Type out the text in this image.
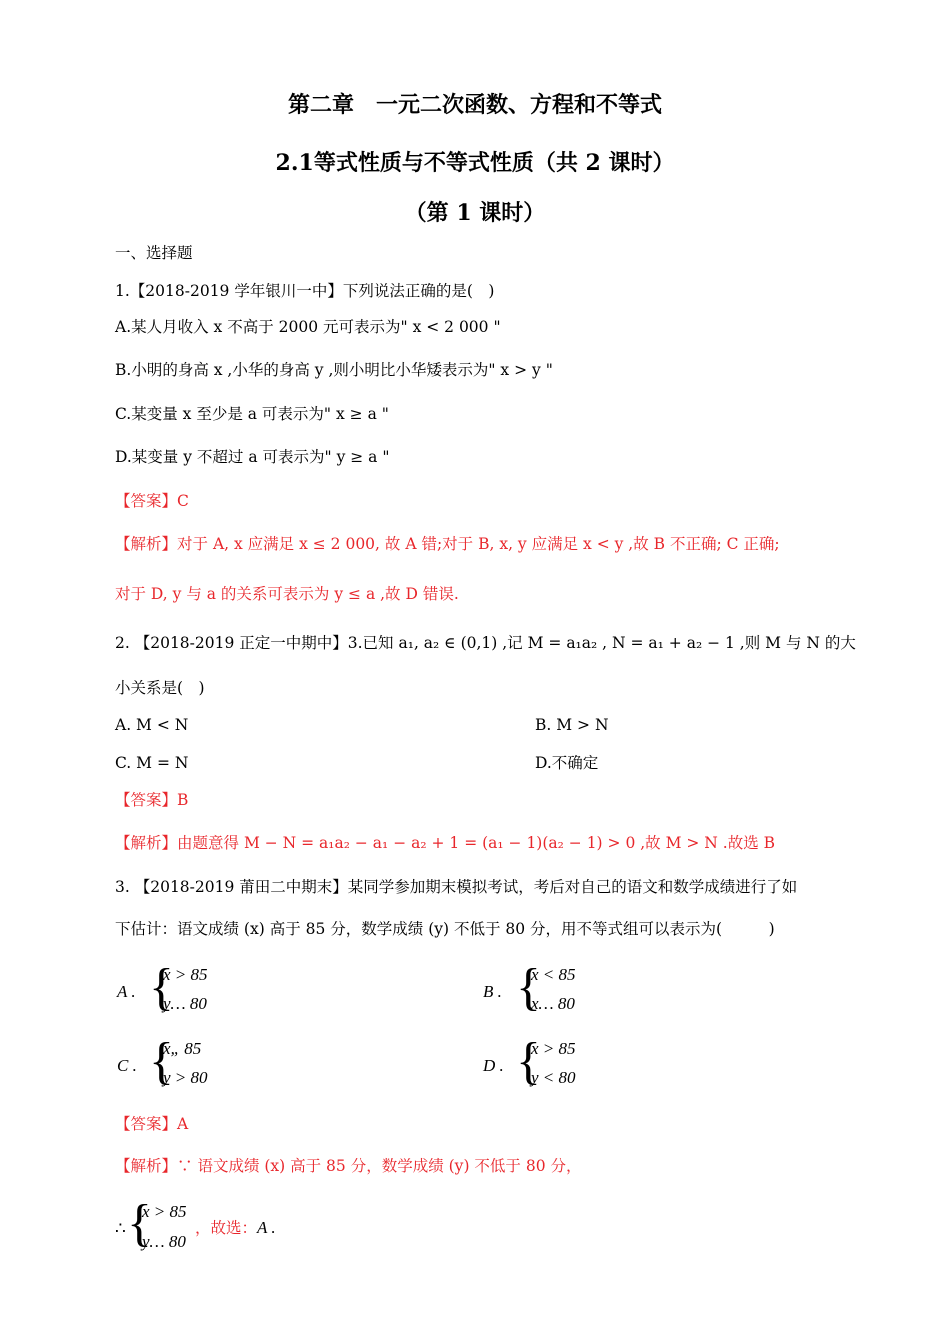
第二章　一元二次函数、方程和不等式
2.1等式性质与不等式性质（共 2 课时）
（第 1 课时）
一、选择题
1.【2018-2019 学年银川一中】下列说法正确的是(　)
A.某人月收入 x 不高于 2000 元可表示为" x < 2 000 "
B.小明的身高 x ,小华的身高 y ,则小明比小华矮表示为" x > y "
C.某变量 x 至少是 a 可表示为" x ≥ a "
D.某变量 y 不超过 a 可表示为" y ≥ a "
【答案】C
【解析】对于 A, x 应满足 x ≤ 2 000, 故 A 错;对于 B, x, y 应满足 x < y ,故 B 不正确; C 正确;
对于 D, y 与 a 的关系可表示为 y ≤ a ,故 D 错误.
2. 【2018-2019 正定一中期中】3.已知 a₁, a₂ ∈ (0,1) ,记 M = a₁a₂ , N = a₁ + a₂ − 1 ,则 M 与 N 的大
小关系是(　)
A. M < N	B. M > N
C. M = N	D.不确定
【答案】B
【解析】由题意得 M − N = a₁a₂ − a₁ − a₂ + 1 = (a₁ − 1)(a₂ − 1) > 0 ,故 M > N .故选 B
3. 【2018-2019 莆田二中期末】某同学参加期末模拟考试，考后对自己的语文和数学成绩进行了如
下估计：语文成绩 (x) 高于 85 分，数学成绩 (y) 不低于 80 分，用不等式组可以表示为(　　　)
A . {
x > 85
y… 80
B . {
x < 85
x… 80
C . {
x„ 85
y > 80
D . {
x > 85
y < 80
【答案】A
【解析】∵ 语文成绩 (x) 高于 85 分，数学成绩 (y) 不低于 80 分，
∴ {
x > 85
y… 80
，故选：A .
